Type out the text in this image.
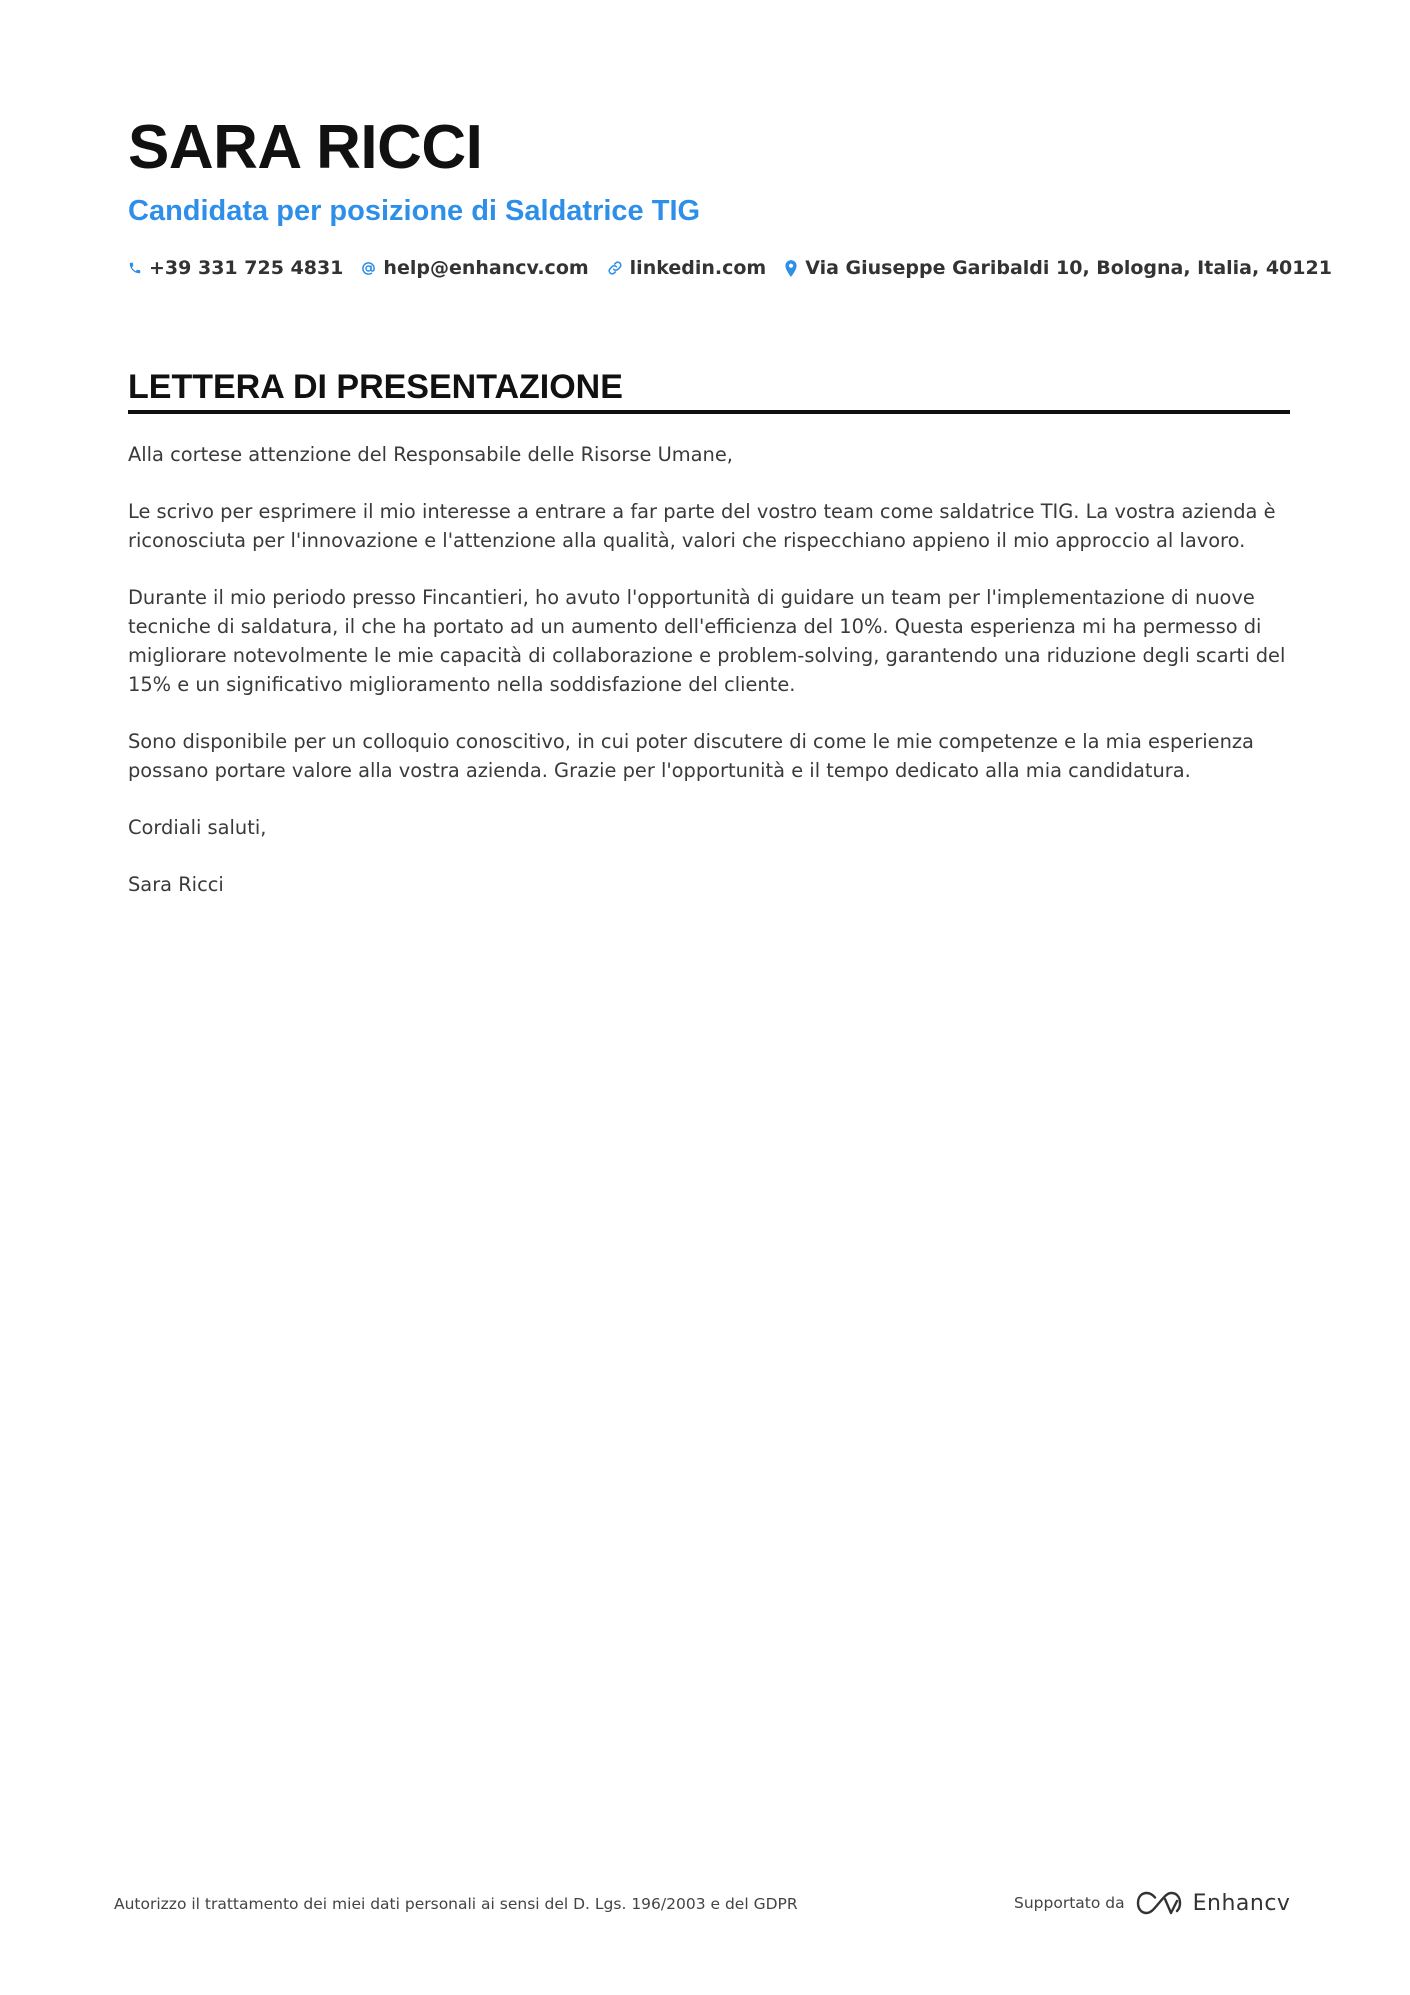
SARA RICCI
Candidata per posizione di Saldatrice TIG
+39 331 725 4831 help@enhancv.com linkedin.com Via Giuseppe Garibaldi 10, Bologna, Italia, 40121
LETTERA DI PRESENTAZIONE

Alla cortese attenzione del Responsabile delle Risorse Umane,

Le scrivo per esprimere il mio interesse a entrare a far parte del vostro team come saldatrice TIG. La vostra azienda è riconosciuta per l'innovazione e l'attenzione alla qualità, valori che rispecchiano appieno il mio approccio al lavoro.

Durante il mio periodo presso Fincantieri, ho avuto l'opportunità di guidare un team per l'implementazione di nuove tecniche di saldatura, il che ha portato ad un aumento dell'efficienza del 10%. Questa esperienza mi ha permesso di migliorare notevolmente le mie capacità di collaborazione e problem-solving, garantendo una riduzione degli scarti del 15% e un significativo miglioramento nella soddisfazione del cliente.

Sono disponibile per un colloquio conoscitivo, in cui poter discutere di come le mie competenze e la mia esperienza possano portare valore alla vostra azienda. Grazie per l'opportunità e il tempo dedicato alla mia candidatura.

Cordiali saluti,

Sara Ricci

Autorizzo il trattamento dei miei dati personali ai sensi del D. Lgs. 196/2003 e del GDPR	Supportato da	Enhancv
